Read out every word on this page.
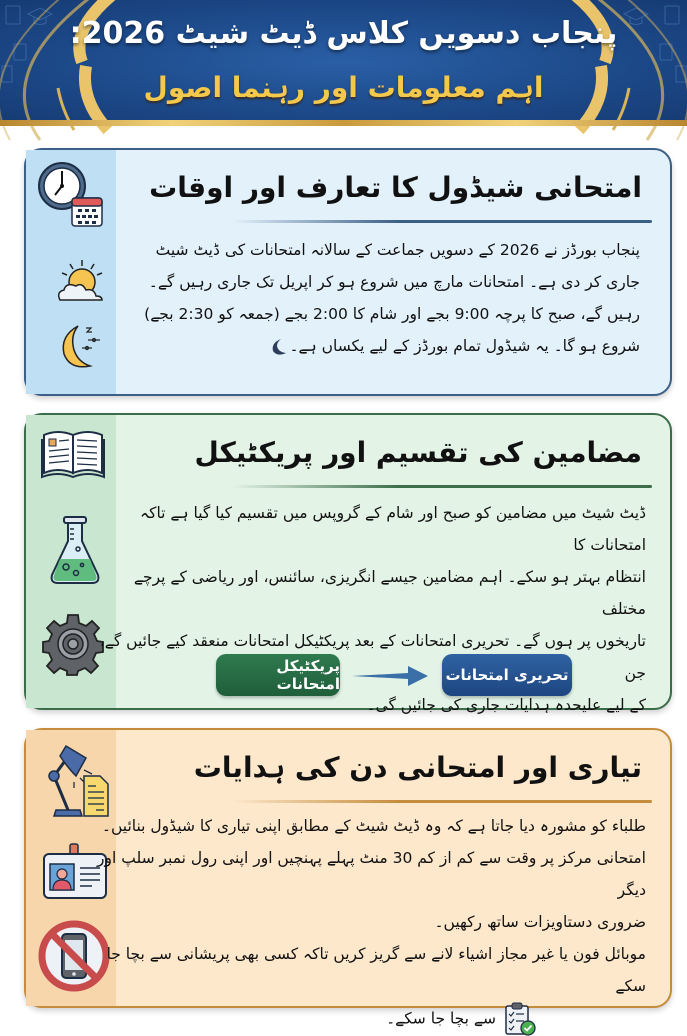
پنجاب دسویں کلاس ڈیٹ شیٹ 2026:
اہم معلومات اور رہنما اصول
امتحانی شیڈول کا تعارف اور اوقات

پنجاب بورڈز نے 2026 کے دسویں جماعت کے سالانہ امتحانات کی ڈیٹ شیٹ

جاری کر دی ہے۔ امتحانات مارچ میں شروع ہو کر اپریل تک جاری رہیں گے۔

رہیں گے، صبح کا پرچہ 9:00 بجے اور شام کا 2:00 بجے (جمعہ کو 2:30 بجے)

شروع ہو گا۔ یہ شیڈول تمام بورڈز کے لیے یکساں ہے۔

مضامین کی تقسیم اور پریکٹیکل

ڈیٹ شیٹ میں مضامین کو صبح اور شام کے گروپس میں تقسیم کیا گیا ہے تاکہ امتحانات کا

انتظام بہتر ہو سکے۔ اہم مضامین جیسے انگریزی، سائنس، اور ریاضی کے پرچے مختلف

تاریخوں پر ہوں گے۔ تحریری امتحانات کے بعد پریکٹیکل امتحانات منعقد کیے جائیں گے، جن

کے لیے علیحدہ ہدایات جاری کی جائیں گی۔

پریکٹیکل امتحانات	تحریری امتحانات
تیاری اور امتحانی دن کی ہدایات

طلباء کو مشورہ دیا جاتا ہے کہ وہ ڈیٹ شیٹ کے مطابق اپنی تیاری کا شیڈول بنائیں۔

امتحانی مرکز پر وقت سے کم از کم 30 منٹ پہلے پہنچیں اور اپنی رول نمبر سلپ اور دیگر

ضروری دستاویزات ساتھ رکھیں۔

موبائل فون یا غیر مجاز اشیاء لانے سے گریز کریں تاکہ کسی بھی پریشانی سے بچا جا سکے

سے بچا جا سکے۔
